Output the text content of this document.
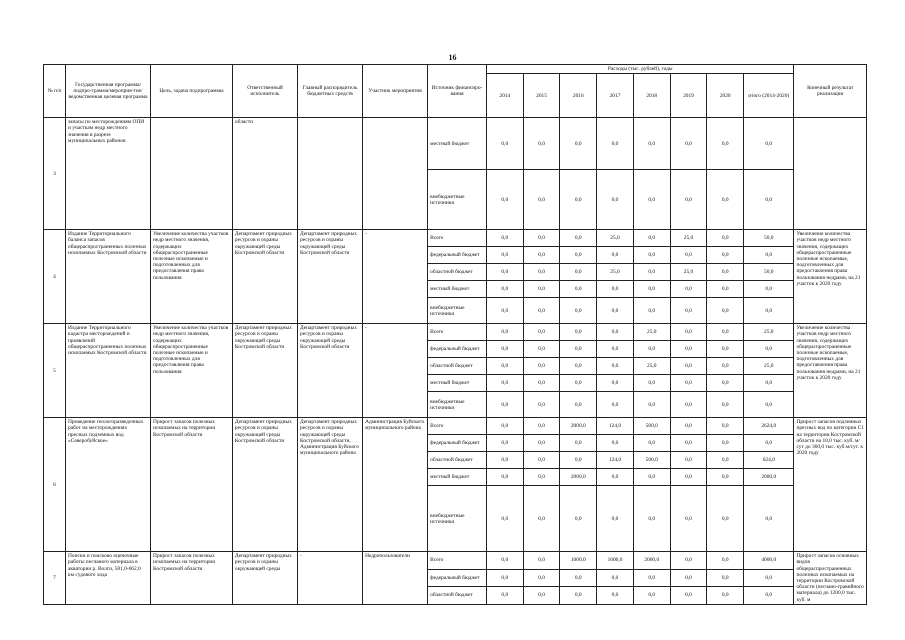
16
№ п/п	Государственная программа/подпро-грамма/мероприя-тие/ведомственная целевая программа	Цель, задача подпрограммы	Ответственный исполнитель	Главный распорядитель бюджетных средств	Участник мероприятия	Источник финансиро-вания	Расходы (тыс. рублей), годы								Конечный результат реализации
							2014	2015	2016	2017	2018	2019	2020	итого (2014-2020)	
3	запасы по месторождениям ОПИ и участкам недр местного значения в разрезе муниципальных районов		области			местный бюджет	0,0	0,0	0,0	0,0	0,0	0,0	0,0	0,0	
						внебюджетные источники	0,0	0,0	0,0	0,0	0,0	0,0	0,0	0,0	
4	Издание Территориального баланса запасов общераспространенных полезных ископаемых Костромской области	Увеличение количества участков недр местного значения, содержащих общераспространенные полезные ископаемые и подготовленных для предоставления права пользования	Департамент природных ресурсов и охраны окружающей среды Костромской области	Департамент природных ресурсов и охраны окружающей среды Костромской области	-	Всего	0,0	0,0	0,0	25,0	0,0	25,0	0,0	50,0	Увеличение количества участков недр местного значения, содержащих общераспространенные полезные ископаемые, подготовленных для предоставления права пользования недрами, на 21 участок к 2020 году
						федеральный бюджет	0,0	0,0	0,0	0,0	0,0	0,0	0,0	0,0	
						областной бюджет	0,0	0,0	0,0	25,0	0,0	25,0	0,0	50,0	
						местный бюджет	0,0	0,0	0,0	0,0	0,0	0,0	0,0	0,0	
						внебюджетные источники	0,0	0,0	0,0	0,0	0,0	0,0	0,0	0,0	
5	Издание Территориального кадастра месторождений и проявлений общераспространенных полезных ископаемых Костромской области	Увеличение количества участков недр местного значения, содержащих общераспространенные полезные ископаемые и подготовленных для предоставления права пользования	Департамент природных ресурсов и охраны окружающей среды Костромской области	Департамент природных ресурсов и охраны окружающей среды Костромской области	-	Всего	0,0	0,0	0,0	0,0	25,0	0,0	0,0	25,0	Увеличение количества участков недр местного значения, содержащих общераспространенные полезные ископаемые, подготовленных для предоставления права пользования недрами, на 21 участок к 2020 году
						федеральный бюджет	0,0	0,0	0,0	0,0	0,0	0,0	0,0	0,0	
						областной бюджет	0,0	0,0	0,0	0,0	25,0	0,0	0,0	25,0	
						местный бюджет	0,0	0,0	0,0	0,0	0,0	0,0	0,0	0,0	
						внебюджетные источники	0,0	0,0	0,0	0,0	0,0	0,0	0,0	0,0	
6	Проведение геологоразведочных работ на месторождениях пресных подземных вод «Северобуйское»	Прирост запасов полезных ископаемых на территории Костромской области	Департамент природных ресурсов и охраны окружающей среды Костромской области	Департамент природных ресурсов и охраны окружающей среды Костромской области, Администрация Буйского муниципального района	Администрация Буйского муниципального района	Всего	0,0	0,0	2000,0	124,0	500,0	0,0	0,0	2624,0	Прирост запасов подземных пресных вод по категории С1 на территории Костромской области на 10,0 тыс. куб. м/сут до 360,0 тыс. куб.м/сут. к 2020 году
						федеральный бюджет	0,0	0,0	0,0	0,0	0,0	0,0	0,0	0,0	
						областной бюджет	0,0	0,0	0,0	124,0	500,0	0,0	0,0	624,0	
						местный бюджет	0,0	0,0	2000,0	0,0	0,0	0,0	0,0	2000,0	
						внебюджетные источники	0,0	0,0	0,0	0,0	0,0	0,0	0,0	0,0	
7	Поиски и поисково оценочные работы песчаного материала в акватории р. Волги, 581,0-662,0 км судового хода	Прирост запасов полезных ископаемых на территории Костромской области	Департамент природных ресурсов и охраны окружающей среды	-	Недропользователи	Всего	0,0	0,0	1000,0	1000,0	2000,0	0,0	0,0	4000,0	Прирост запасов основных видов общераспространенных полезных ископаемых на территории Костромской области (песчано-гравийного материала) до 1200,0 тыс. куб. м
						федеральный бюджет	0,0	0,0	0,0	0,0	0,0	0,0	0,0	0,0	
						областной бюджет	0,0	0,0	0,0	0,0	0,0	0,0	0,0	0,0	
